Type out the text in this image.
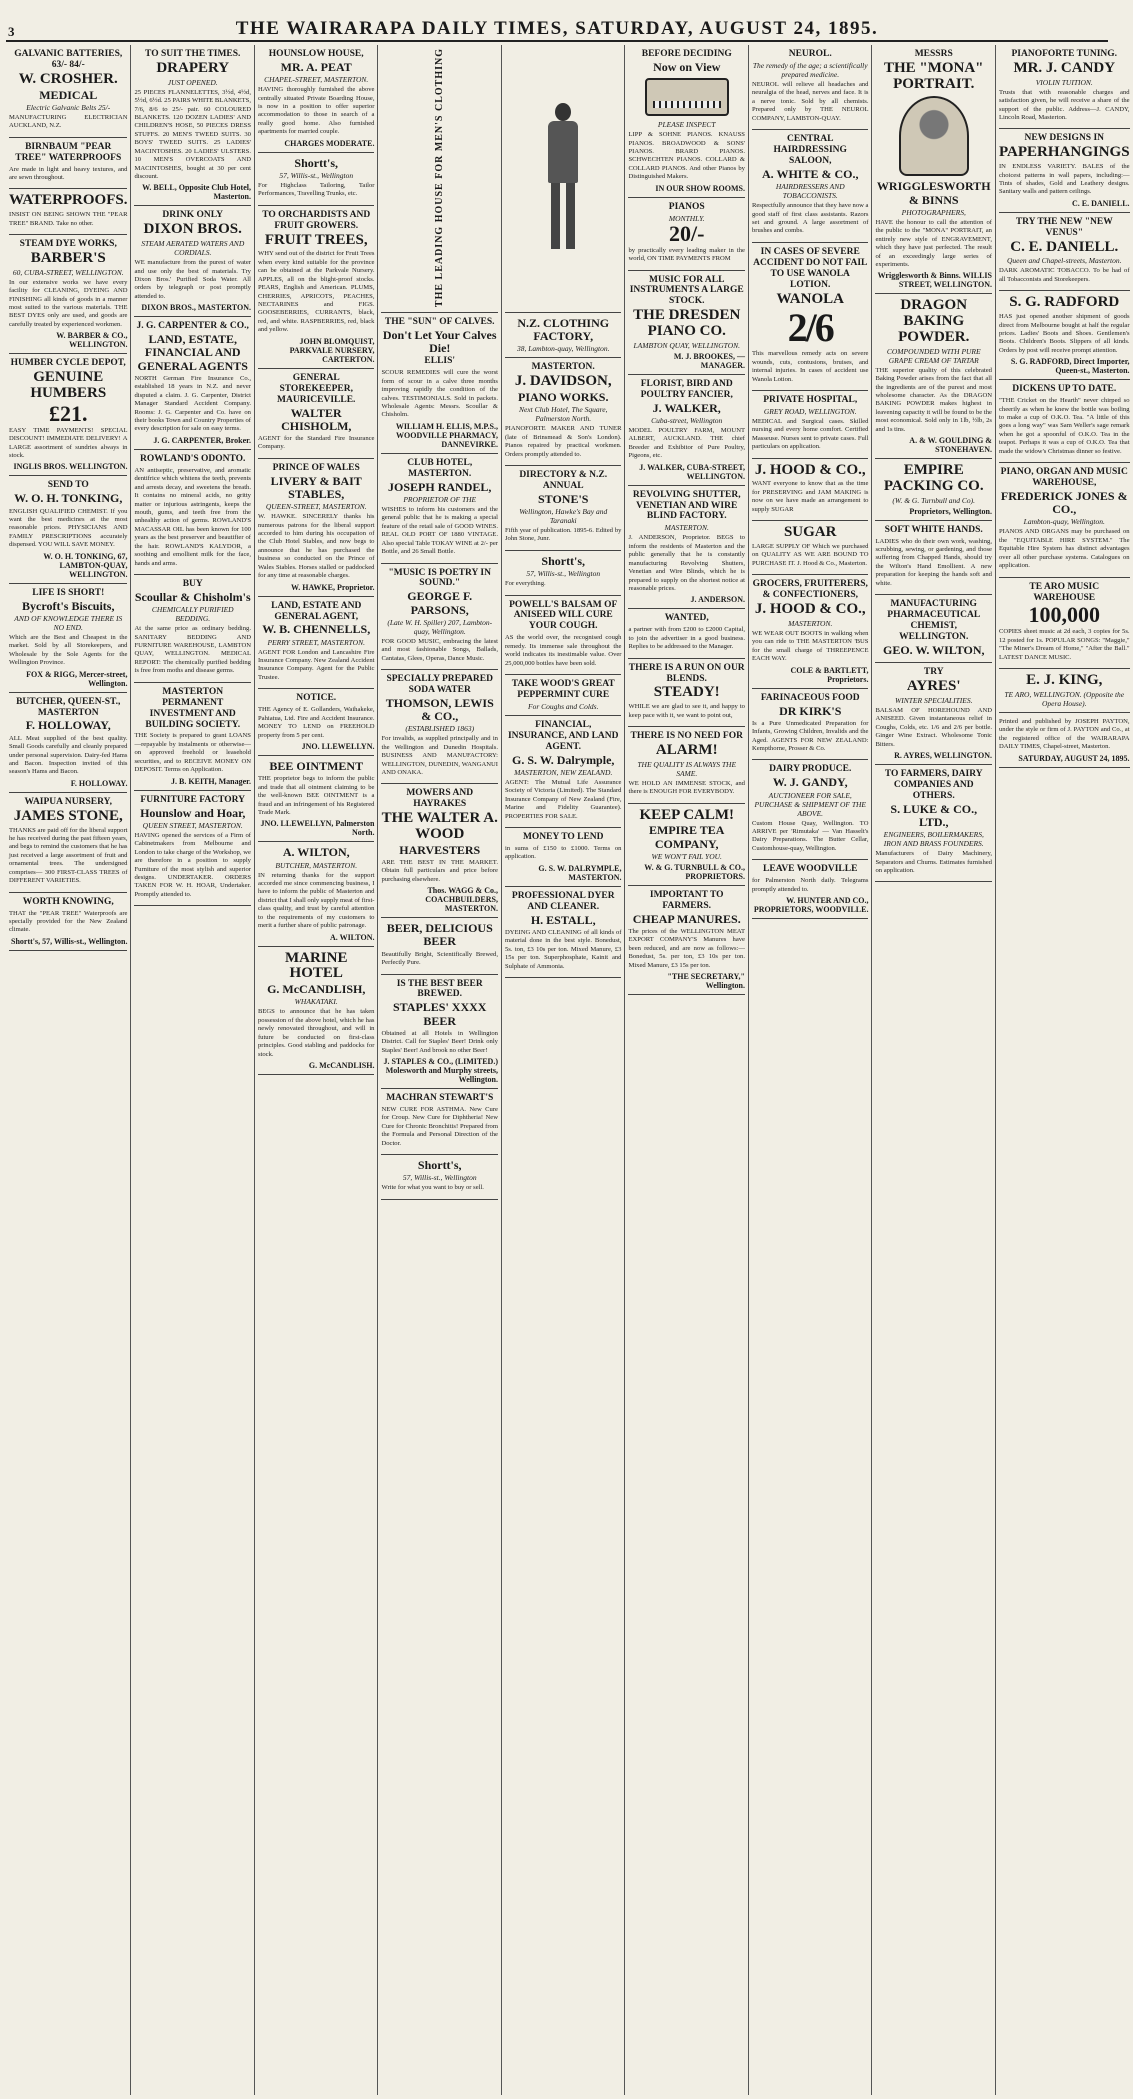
3	THE WAIRARAPA DAILY TIMES, SATURDAY, AUGUST 24, 1895.
GALVANIC BATTERIES, 63/- 84/-
W. CROSHER.
MEDICAL
Electric Galvanic Belts 25/-

MANUFACTURING ELECTRICIAN AUCKLAND, N.Z.

BIRNBAUM "PEAR TREE" WATERPROOFS

Are made in light and heavy textures, and are sewn throughout.

WATERPROOFS.

INSIST ON BEING SHOWN THE "PEAR TREE" BRAND. Take no other.

STEAM DYE WORKS,
BARBER'S
60, CUBA-STREET, WELLINGTON.

In our extensive works we have every facility for CLEANING, DYEING AND FINISHING all kinds of goods in a manner most suited to the various materials. THE BEST DYES only are used, and goods are carefully treated by experienced workmen.

W. BARBER & CO., WELLINGTON.
HUMBER CYCLE DEPOT,
GENUINE HUMBERS
£21.

EASY TIME PAYMENTS! SPECIAL DISCOUNT! IMMEDIATE DELIVERY! A LARGE assortment of sundries always in stock.

INGLIS BROS. WELLINGTON.
SEND TO
W. O. H. TONKING,

ENGLISH QUALIFIED CHEMIST. If you want the best medicines at the most reasonable prices. PHYSICIANS AND FAMILY PRESCRIPTIONS accurately dispensed. YOU WILL SAVE MONEY.

W. O. H. TONKING, 67, LAMBTON-QUAY, WELLINGTON.
LIFE IS SHORT!
Bycroft's Biscuits,
AND OF KNOWLEDGE THERE IS NO END.

Which are the Best and Cheapest in the market. Sold by all Storekeepers, and Wholesale by the Sole Agents for the Wellington Province.

FOX & RIGG, Mercer-street, Wellington.
BUTCHER, QUEEN-ST., MASTERTON
F. HOLLOWAY,

ALL Meat supplied of the best quality. Small Goods carefully and cleanly prepared under personal supervision. Dairy-fed Hams and Bacon. Inspection invited of this season's Hams and Bacon.

F. HOLLOWAY.
WAIPUA NURSERY,
JAMES STONE,

THANKS are paid off for the liberal support he has received during the past fifteen years, and begs to remind the customers that he has just received a large assortment of fruit and ornamental trees. The undersigned comprises— 300 FIRST-CLASS TREES of DIFFERENT VARIETIES.

WORTH KNOWING,

THAT the "PEAR TREE" Waterproofs are specially provided for the New Zealand climate.

Shortt's, 57, Willis-st., Wellington.
TO SUIT THE TIMES.
DRAPERY
JUST OPENED.

25 PIECES FLANNELETTES, 3½d, 4½d, 5½d, 6½d. 25 PAIRS WHITE BLANKETS, 7/6, 8/6 to 25/- pair. 60 COLOURED BLANKETS. 120 DOZEN LADIES' AND CHILDREN'S HOSE, 50 PIECES DRESS STUFFS. 20 MEN'S TWEED SUITS. 30 BOYS' TWEED SUITS. 25 LADIES' MACINTOSHES. 20 LADIES' ULSTERS. 10 MEN'S OVERCOATS AND MACINTOSHES, bought at 30 per cent discount.

W. BELL, Opposite Club Hotel, Masterton.
DRINK ONLY
DIXON BROS.
STEAM AERATED WATERS AND CORDIALS.

WE manufacture from the purest of water and use only the best of materials. Try Dixon Bros.' Purified Soda Water. All orders by telegraph or post promptly attended to.

DIXON BROS., MASTERTON.
J. G. CARPENTER & CO.,
LAND, ESTATE, FINANCIAL AND GENERAL AGENTS

NORTH German Fire Insurance Co., established 18 years in N.Z. and never disputed a claim. J. G. Carpenter, District Manager Standard Accident Company. Rooms: J. G. Carpenter and Co. have on their books Town and Country Properties of every description for sale on easy terms.

J. G. CARPENTER, Broker.
ROWLAND'S ODONTO.

AN antiseptic, preservative, and aromatic dentifrice which whitens the teeth, prevents and arrests decay, and sweetens the breath. It contains no mineral acids, no gritty matter or injurious astringents, keeps the mouth, gums, and teeth free from the unhealthy action of germs. ROWLAND'S MACASSAR OIL has been known for 100 years as the best preserver and beautifier of the hair. ROWLAND'S KALYDOR, a soothing and emollient milk for the face, hands and arms.

BUY
Scoullar & Chisholm's
CHEMICALLY PURIFIED BEDDING.

At the same price as ordinary bedding. SANITARY BEDDING AND FURNITURE WAREHOUSE, LAMBTON QUAY, WELLINGTON. MEDICAL REPORT: The chemically purified bedding is free from moths and disease germs.

MASTERTON PERMANENT INVESTMENT AND BUILDING SOCIETY.

THE Society is prepared to grant LOANS—repayable by instalments or otherwise—on approved freehold or leasehold securities, and to RECEIVE MONEY ON DEPOSIT. Terms on Application.

J. B. KEITH, Manager.
FURNITURE FACTORY
Hounslow and Hoar,
QUEEN STREET, MASTERTON.

HAVING opened the services of a Firm of Cabinetmakers from Melbourne and London to take charge of the Workshop, we are therefore in a position to supply Furniture of the most stylish and superior designs. UNDERTAKER. ORDERS TAKEN FOR W. H. HOAR, Undertaker. Promptly attended to.

HOUNSLOW HOUSE,
MR. A. PEAT
CHAPEL-STREET, MASTERTON.

HAVING thoroughly furnished the above centrally situated Private Boarding House, is now in a position to offer superior accommodation to those in search of a really good home. Also furnished apartments for married couple.

CHARGES MODERATE.
Shortt's,
57, Willis-st., Wellington

For Highclass Tailoring, Tailor Performances, Travelling Trunks, etc.

TO ORCHARDISTS AND FRUIT GROWERS.
FRUIT TREES,

WHY send out of the district for Fruit Trees when every kind suitable for the province can be obtained at the Parkvale Nursery. APPLES, all on the blight-proof stocks. PEARS, English and American. PLUMS, CHERRIES, APRICOTS, PEACHES, NECTARINES and FIGS. GOOSEBERRIES, CURRANTS, black, red, and white. RASPBERRIES, red, black and yellow.

JOHN BLOMQUIST, PARKVALE NURSERY, CARTERTON.
GENERAL STOREKEEPER, MAURICEVILLE.
WALTER CHISHOLM,

AGENT for the Standard Fire Insurance Company.

PRINCE OF WALES
LIVERY & BAIT STABLES,
QUEEN-STREET, MASTERTON.

W. HAWKE. SINCERELY thanks his numerous patrons for the liberal support accorded to him during his occupation of the Club Hotel Stables, and now begs to announce that he has purchased the business so conducted on the Prince of Wales Stables. Horses stalled or paddocked for any time at reasonable charges.

W. HAWKE, Proprietor.
LAND, ESTATE AND GENERAL AGENT,
W. B. CHENNELLS,
PERRY STREET, MASTERTON.

AGENT FOR London and Lancashire Fire Insurance Company. New Zealand Accident Insurance Company. Agent for the Public Trustee.

NOTICE.

THE Agency of E. Gollanders, Waihakeke, Pahiatua, Ltd. Fire and Accident Insurance. MONEY TO LEND on FREEHOLD property from 5 per cent.

JNO. LLEWELLYN.
BEE OINTMENT

THE proprietor begs to inform the public and trade that all ointment claiming to be the well-known BEE OINTMENT is a fraud and an infringement of his Registered Trade Mark.

JNO. LLEWELLYN, Palmerston North.
A. WILTON,
BUTCHER, MASTERTON.

IN returning thanks for the support accorded me since commencing business, I have to inform the public of Masterton and district that I shall only supply meat of first-class quality, and trust by careful attention to the requirements of my customers to merit a further share of public patronage.

A. WILTON.
MARINE HOTEL
G. McCANDLISH,
WHAKATAKI.

BEGS to announce that he has taken possession of the above hotel, which he has newly renovated throughout, and will in future be conducted on first-class principles. Good stabling and paddocks for stock.

G. McCANDLISH.
THE LEADING HOUSE FOR MEN'S CLOTHING
THE "SUN" OF CALVES.
Don't Let Your Calves Die!
ELLIS'

SCOUR REMEDIES will cure the worst form of scour in a calve three months improving rapidly the condition of the calves. TESTIMONIALS. Sold in packets. Wholesale Agents: Messrs. Scoullar & Chisholm.

WILLIAM H. ELLIS, M.P.S., WOODVILLE PHARMACY, DANNEVIRKE.
CLUB HOTEL, MASTERTON.
JOSEPH RANDEL,
PROPRIETOR OF THE

WISHES to inform his customers and the general public that he is making a special feature of the retail sale of GOOD WINES. REAL OLD PORT OF 1880 VINTAGE. Also special Table TOKAY WINE at 2/- per Bottle, and 26 Small Bottle.

"MUSIC IS POETRY IN SOUND."
GEORGE F. PARSONS,
(Late W. H. Spiller) 207, Lambton-quay, Wellington.

FOR GOOD MUSIC, embracing the latest and most fashionable Songs, Ballads, Cantatas, Glees, Operas, Dance Music.

SPECIALLY PREPARED SODA WATER
THOMSON, LEWIS & CO.,
(ESTABLISHED 1863)

For invalids, as supplied principally and in the Wellington and Dunedin Hospitals. BUSINESS AND MANUFACTORY: WELLINGTON, DUNEDIN, WANGANUI AND ONAKA.

MOWERS AND HAYRAKES
THE WALTER A. WOOD
HARVESTERS

ARE THE BEST IN THE MARKET. Obtain full particulars and price before purchasing elsewhere.

Thos. WAGG & Co., COACHBUILDERS, MASTERTON.
BEER, DELICIOUS BEER

Beautifully Bright, Scientifically Brewed, Perfectly Pure.

IS THE BEST BEER BREWED.
STAPLES' XXXX BEER

Obtained at all Hotels in Wellington District. Call for Staples' Beer! Drink only Staples' Beer! And brook no other Beer!

J. STAPLES & CO., (LIMITED.) Molesworth and Murphy streets, Wellington.
MACHRAN STEWART'S

NEW CURE FOR ASTHMA. New Cure for Croup. New Cure for Diphtheria! New Cure for Chronic Bronchitis! Prepared from the Formula and Personal Direction of the Doctor.

Shortt's,
57, Willis-st., Wellington

Write for what you want to buy or sell.

N.Z. CLOTHING FACTORY,
38, Lambton-quay, Wellington.
MASTERTON.
J. DAVIDSON,
PIANO WORKS.
Next Club Hotel, The Square, Palmerston North.

PIANOFORTE MAKER AND TUNER (late of Brinsmead & Son's London). Pianos repaired by practical workmen. Orders promptly attended to.

DIRECTORY & N.Z. ANNUAL
STONE'S
Wellington, Hawke's Bay and Taranaki

Fifth year of publication. 1895-6. Edited by John Stone, Junr.

Shortt's,
57, Willis-st., Wellington

For everything.

POWELL'S BALSAM OF ANISEED WILL CURE YOUR COUGH.

AS the world over, the recognised cough remedy. Its immense sale throughout the world indicates its inestimable value. Over 25,000,000 bottles have been sold.

TAKE WOOD'S GREAT PEPPERMINT CURE
For Coughs and Colds.
FINANCIAL, INSURANCE, AND LAND AGENT.
G. S. W. Dalrymple,
MASTERTON, NEW ZEALAND.

AGENT: The Mutual Life Assurance Society of Victoria (Limited). The Standard Insurance Company of New Zealand (Fire, Marine and Fidelity Guarantee). PROPERTIES FOR SALE.

MONEY TO LEND

in sums of £150 to £1000. Terms on application.

G. S. W. DALRYMPLE, MASTERTON.
PROFESSIONAL DYER AND CLEANER.
H. ESTALL,

DYEING AND CLEANING of all kinds of material done in the best style. Bonedust, 5s. ton, £3 10s per ton. Mixed Manure, £3 15s per ton. Superphosphate, Kainit and Sulphate of Ammonia.

BEFORE DECIDING
Now on View
PLEASE INSPECT

LIPP & SOHNE PIANOS. KNAUSS PIANOS. BROADWOOD & SONS' PIANOS. BRARD PIANOS. SCHWECHTEN PIANOS. COLLARD & COLLARD PIANOS. And other Pianos by Distinguished Makers.

IN OUR SHOW ROOMS.
PIANOS
MONTHLY.
20/-

by practically every leading maker in the world, ON TIME PAYMENTS FROM

MUSIC FOR ALL INSTRUMENTS A LARGE STOCK.
THE DRESDEN PIANO CO.
LAMBTON QUAY, WELLINGTON.
M. J. BROOKES, — MANAGER.
FLORIST, BIRD AND POULTRY FANCIER,
J. WALKER,
Cuba-street, Wellington

MODEL POULTRY FARM, MOUNT ALBERT, AUCKLAND. THE chief Breeder and Exhibitor of Pure Poultry, Pigeons, etc.

J. WALKER, CUBA-STREET, WELLINGTON.
REVOLVING SHUTTER, VENETIAN AND WIRE BLIND FACTORY.
MASTERTON.

J. ANDERSON, Proprietor. BEGS to inform the residents of Masterton and the public generally that he is constantly manufacturing Revolving Shutters, Venetian and Wire Blinds, which he is prepared to supply on the shortest notice at reasonable prices.

J. ANDERSON.
WANTED,

a partner with from £200 to £2000 Capital, to join the advertiser in a good business. Replies to be addressed to the Manager.

THERE IS A RUN ON OUR BLENDS.
STEADY!

WHILE we are glad to see it, and happy to keep pace with it, we want to point out,

THERE IS NO NEED FOR
ALARM!
THE QUALITY IS ALWAYS THE SAME.

WE HOLD AN IMMENSE STOCK, and there is ENOUGH FOR EVERYBODY.

KEEP CALM!
EMPIRE TEA COMPANY,
WE WON'T FAIL YOU.
W. & G. TURNBULL & CO., PROPRIETORS.
IMPORTANT TO FARMERS.
CHEAP MANURES.

The prices of the WELLINGTON MEAT EXPORT COMPANY'S Manures have been reduced, and are now as follows:— Bonedust, 5s. per ton, £3 10s per ton. Mixed Manure, £3 15s per ton.

"THE SECRETARY," Wellington.
NEUROL.
The remedy of the age; a scientifically prepared medicine.

NEUROL will relieve all headaches and neuralgia of the head, nerves and face. It is a nerve tonic. Sold by all chemists. Prepared only by THE NEUROL COMPANY, LAMBTON-QUAY.

CENTRAL HAIRDRESSING SALOON,
A. WHITE & CO.,
HAIRDRESSERS AND TOBACCONISTS.

Respectfully announce that they have now a good staff of first class assistants. Razors set and ground. A large assortment of brushes and combs.

IN CASES OF SEVERE ACCIDENT DO NOT FAIL TO USE WANOLA LOTION.
WANOLA
2/6

This marvellous remedy acts on severe wounds, cuts, contusions, bruises, and internal injuries. In cases of accident use Wanola Lotion.

PRIVATE HOSPITAL,
GREY ROAD, WELLINGTON.

MEDICAL and Surgical cases. Skilled nursing and every home comfort. Certified Masseuse. Nurses sent to private cases. Full particulars on application.

J. HOOD & CO.,

WANT everyone to know that as the time for PRESERVING and JAM MAKING is now on we have made an arrangement to supply SUGAR

SUGAR

LARGE SUPPLY OF Which we purchased on QUALITY AS WE ARE BOUND TO PURCHASE IT. J. Hood & Co., Masterton.

GROCERS, FRUITERERS, & CONFECTIONERS,
J. HOOD & CO.,
MASTERTON.

WE WEAR OUT BOOTS in walking when you can ride to THE MASTERTON 'BUS for the small charge of THREEPENCE EACH WAY.

COLE & BARTLETT, Proprietors.
FARINACEOUS FOOD
DR KIRK'S

Is a Pure Unmedicated Preparation for Infants, Growing Children, Invalids and the Aged. AGENTS FOR NEW ZEALAND: Kempthorne, Prosser & Co.

DAIRY PRODUCE.
W. J. GANDY,
AUCTIONEER FOR SALE, PURCHASE & SHIPMENT OF THE ABOVE.

Custom House Quay, Wellington. TO ARRIVE per 'Rimutaka' — Van Hasselt's Dairy Preparations. The Butter Cellar, Customhouse-quay, Wellington.

LEAVE WOODVILLE

for Palmerston North daily. Telegrams promptly attended to.

W. HUNTER AND CO., PROPRIETORS, WOODVILLE.
MESSRS
THE "MONA" PORTRAIT.
WRIGGLESWORTH & BINNS
PHOTOGRAPHERS,

HAVE the honour to call the attention of the public to the "MONA" PORTRAIT, an entirely new style of ENGRAVEMENT, which they have just perfected. The result of an exceedingly large series of experiments.

Wrigglesworth & Binns. WILLIS STREET, WELLINGTON.
DRAGON BAKING POWDER.
COMPOUNDED WITH PURE GRAPE CREAM OF TARTAR

THE superior quality of this celebrated Baking Powder arises from the fact that all the ingredients are of the purest and most wholesome character. As the DRAGON BAKING POWDER makes highest in leavening capacity it will be found to be the most economical. Sold only in 1lb, ½lb, 2s and 1s tins.

A. & W. GOULDING & STONEHAVEN.
EMPIRE PACKING CO.
(W. & G. Turnbull and Co).
Proprietors, Wellington.
SOFT WHITE HANDS.

LADIES who do their own work, washing, scrubbing, sewing, or gardening, and those suffering from Chapped Hands, should try the Wilton's Hand Emollient. A new preparation for keeping the hands soft and white.

MANUFACTURING PHARMACEUTICAL CHEMIST, WELLINGTON.
GEO. W. WILTON,
TRY
AYRES'
WINTER SPECIALITIES.

BALSAM OF HOREHOUND AND ANISEED. Given instantaneous relief in Coughs, Colds, etc. 1/6 and 2/6 per bottle. Ginger Wine Extract. Wholesome Tonic Bitters.

R. AYRES, WELLINGTON.
TO FARMERS, DAIRY COMPANIES AND OTHERS.
S. LUKE & CO., LTD.,
ENGINEERS, BOILERMAKERS, IRON AND BRASS FOUNDERS.

Manufacturers of Dairy Machinery, Separators and Churns. Estimates furnished on application.

PIANOFORTE TUNING.
MR. J. CANDY
VIOLIN TUITION.

Trusts that with reasonable charges and satisfaction given, he will receive a share of the support of the public. Address—J. CANDY, Lincoln Road, Masterton.

NEW DESIGNS IN
PAPERHANGINGS

IN ENDLESS VARIETY. BALES of the choicest patterns in wall papers, including:— Tints of shades, Gold and Leathery designs. Sanitary walls and pattern ceilings.

C. E. DANIELL.
TRY THE NEW "NEW VENUS"
C. E. DANIELL.
Queen and Chapel-streets, Masterton.

DARK AROMATIC TOBACCO. To be had of all Tobacconists and Storekeepers.

S. G. RADFORD

HAS just opened another shipment of goods direct from Melbourne bought at half the regular prices. Ladies' Boots and Shoes. Gentlemen's Boots. Children's Boots. Slippers of all kinds. Orders by post will receive prompt attention.

S. G. RADFORD, Direct Importer, Queen-st., Masterton.
DICKENS UP TO DATE.

"THE Cricket on the Hearth" never chirped so cheerily as when he knew the bottle was boiling to make a cup of O.K.O. Tea. "A little of this goes a long way" was Sam Weller's sage remark when he got a spoonful of O.K.O. Tea in the teapot. Perhaps it was a cup of O.K.O. Tea that made the widow's Christmas dinner so festive.

PIANO, ORGAN AND MUSIC WAREHOUSE,
FREDERICK JONES & CO.,
Lambton-quay, Wellington.

PIANOS AND ORGANS may be purchased on the "EQUITABLE HIRE SYSTEM." The Equitable Hire System has distinct advantages over all other purchase systems. Catalogues on application.

TE ARO MUSIC WAREHOUSE
100,000

COPIES sheet music at 2d each, 3 copies for 5s. 12 posted for 1s. POPULAR SONGS: "Maggie," "The Miner's Dream of Home," "After the Ball." LATEST DANCE MUSIC.

E. J. KING,
TE ARO, WELLINGTON. (Opposite the Opera House).

Printed and published by JOSEPH PAYTON, under the style or firm of J. PAYTON and Co., at the registered office of the WAIRARAPA DAILY TIMES, Chapel-street, Masterton.

SATURDAY, AUGUST 24, 1895.
